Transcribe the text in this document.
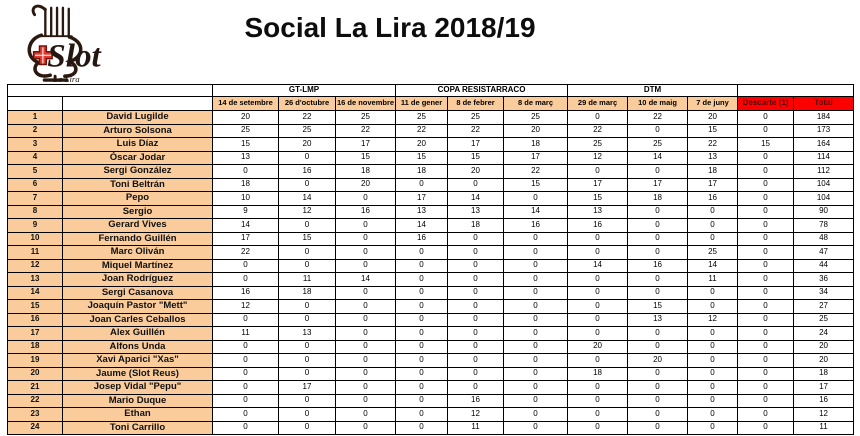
Slot
La Lira
Social La Lira 2018/19
		GT-LMP			COPA RESISTARRACO			DTM				
		14 de setembre	26 d'octubre	16 de novembre	11 de gener	8 de febrer	8 de març	29 de març	10 de maig	7 de juny	Descarte (1)	Total
1	David Lugilde	20	22	25	25	25	25	0	22	20	0	184
2	Arturo Solsona	25	25	22	22	22	20	22	0	15	0	173
3	Luis Díaz	15	20	17	20	17	18	25	25	22	15	164
4	Óscar Jodar	13	0	15	15	15	17	12	14	13	0	114
5	Sergi González	0	16	18	18	20	22	0	0	18	0	112
6	Toni Beltrán	18	0	20	0	0	15	17	17	17	0	104
7	Pepo	10	14	0	17	14	0	15	18	16	0	104
8	Sergio	9	12	16	13	13	14	13	0	0	0	90
9	Gerard Vives	14	0	0	14	18	16	16	0	0	0	78
10	Fernando Guillén	17	15	0	16	0	0	0	0	0	0	48
11	Marc Oliván	22	0	0	0	0	0	0	0	25	0	47
12	Miquel Martínez	0	0	0	0	0	0	14	16	14	0	44
13	Joan Rodríguez	0	11	14	0	0	0	0	0	11	0	36
14	Sergi Casanova	16	18	0	0	0	0	0	0	0	0	34
15	Joaquín Pastor "Mett"	12	0	0	0	0	0	0	15	0	0	27
16	Joan Carles Ceballos	0	0	0	0	0	0	0	13	12	0	25
17	Alex Guillén	11	13	0	0	0	0	0	0	0	0	24
18	Alfons Unda	0	0	0	0	0	0	20	0	0	0	20
19	Xavi Aparici "Xas"	0	0	0	0	0	0	0	20	0	0	20
20	Jaume (Slot Reus)	0	0	0	0	0	0	18	0	0	0	18
21	Josep Vidal "Pepu"	0	17	0	0	0	0	0	0	0	0	17
22	Mario Duque	0	0	0	0	16	0	0	0	0	0	16
23	Ethan	0	0	0	0	12	0	0	0	0	0	12
24	Toni Carrillo	0	0	0	0	11	0	0	0	0	0	11
